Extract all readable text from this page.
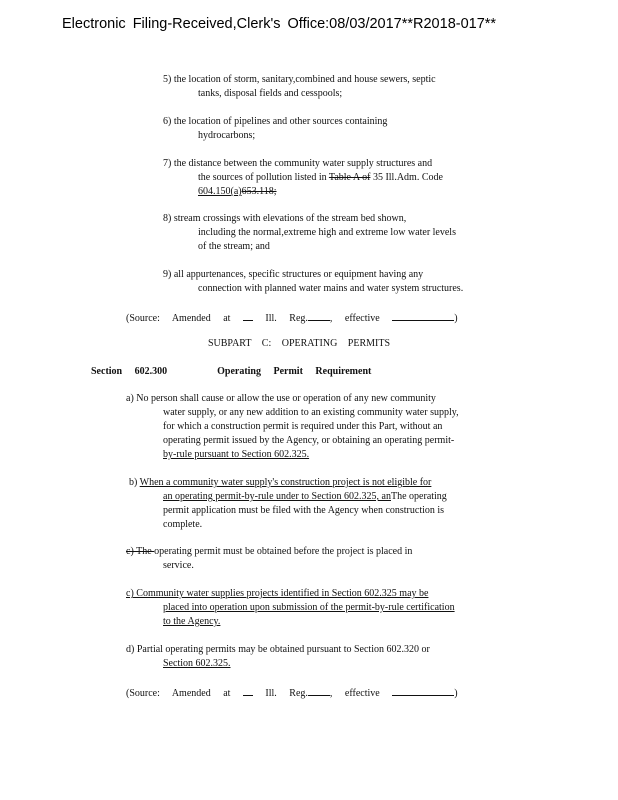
Electronic Filing-Received,Clerk's Office:08/03/2017**R2018-017**
5) the location of storm, sanitary,combined and house sewers, septic
tanks, disposal fields and cesspools;
6) the location of pipelines and other sources containing
hydrocarbons;
7) the distance between the community water supply structures and
the sources of pollution listed in Table A of 35 Ill.Adm. Code
604.150(a)653.118;
8) stream crossings with elevations of the stream bed shown,
including the normal,extreme high and extreme low water levels
of the stream; and
9) all appurtenances, specific structures or equipment having any
connection with planned water mains and water system structures.
(Source: Amended at	Ill. Reg. , effective	)
SUBPART C: OPERATING PERMITS
Section 602.300	Operating Permit Requirement
a) No person shall cause or allow the use or operation of any new community
water supply, or any new addition to an existing community water supply,
for which a construction permit is required under this Part, without an
operating permit issued by the Agency, or obtaining an operating permit-
by-rule pursuant to Section 602.325.
b) When a community water supply's construction project is not eligible for
an operating permit-by-rule under to Section 602.325, anThe operating
permit application must be filed with the Agency when construction is
complete.
c) The operating permit must be obtained before the project is placed in
service.
c) Community water supplies projects identified in Section 602.325 may be
placed into operation upon submission of the permit-by-rule certification
to the Agency.
d) Partial operating permits may be obtained pursuant to Section 602.320 or
Section 602.325.
(Source: Amended at	Ill. Reg. , effective	)
